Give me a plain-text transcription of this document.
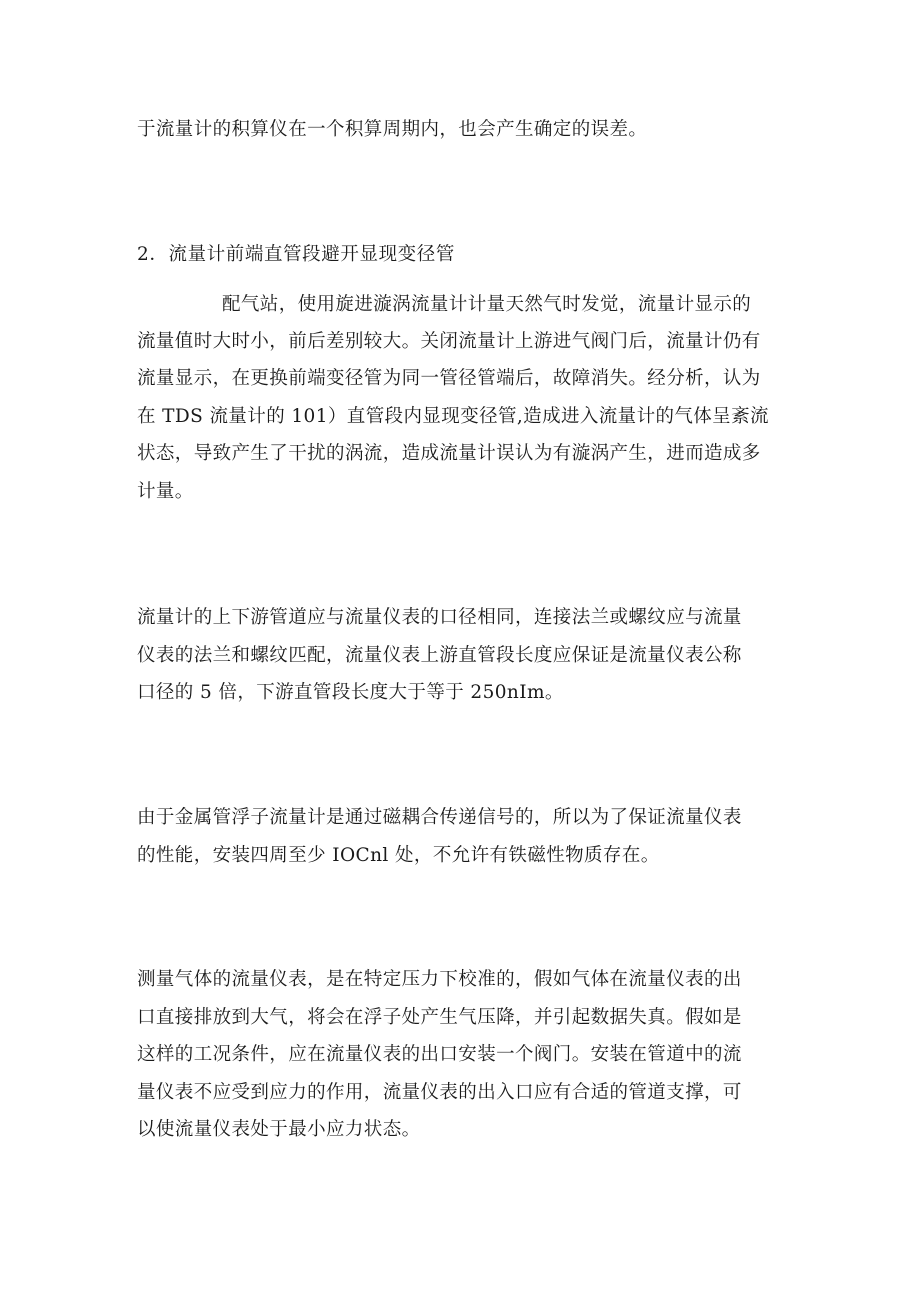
于流量计的积算仪在一个积算周期内，也会产生确定的误差。
2．流量计前端直管段避开显现变径管
配气站，使用旋进漩涡流量计计量天然气时发觉，流量计显示的
流量值时大时小，前后差别较大。关闭流量计上游进气阀门后，流量计仍有
流量显示，在更换前端变径管为同一管径管端后，故障消失。经分析，认为
在 TDS 流量计的 101）直管段内显现变径管,造成进入流量计的气体呈紊流
状态，导致产生了干扰的涡流，造成流量计误认为有漩涡产生，进而造成多
计量。
流量计的上下游管道应与流量仪表的口径相同，连接法兰或螺纹应与流量
仪表的法兰和螺纹匹配，流量仪表上游直管段长度应保证是流量仪表公称
口径的 5 倍，下游直管段长度大于等于 250nIm。
由于金属管浮子流量计是通过磁耦合传递信号的，所以为了保证流量仪表
的性能，安装四周至少 IOCnl 处，不允许有铁磁性物质存在。
测量气体的流量仪表，是在特定压力下校准的，假如气体在流量仪表的出
口直接排放到大气，将会在浮子处产生气压降，并引起数据失真。假如是
这样的工况条件，应在流量仪表的出口安装一个阀门。安装在管道中的流
量仪表不应受到应力的作用，流量仪表的出入口应有合适的管道支撑，可
以使流量仪表处于最小应力状态。
